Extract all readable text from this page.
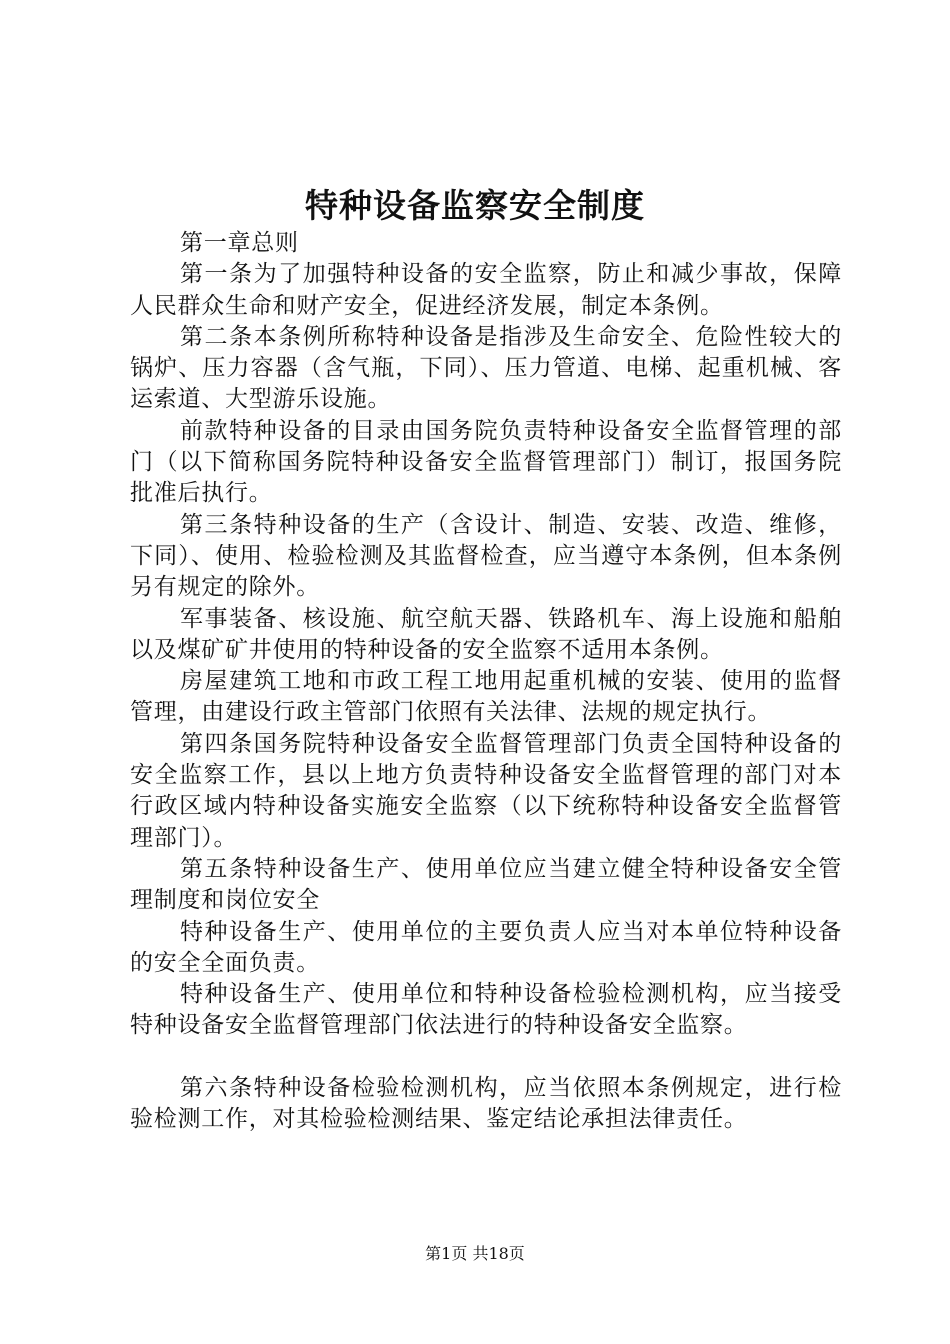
特种设备监察安全制度

第一章总则

第一条为了加强特种设备的安全监察，防止和减少事故，保障人民群众生命和财产安全，促进经济发展，制定本条例。

第二条本条例所称特种设备是指涉及生命安全、危险性较大的锅炉、压力容器（含气瓶，下同）、压力管道、电梯、起重机械、客运索道、大型游乐设施。

前款特种设备的目录由国务院负责特种设备安全监督管理的部门（以下简称国务院特种设备安全监督管理部门）制订，报国务院批准后执行。

第三条特种设备的生产（含设计、制造、安装、改造、维修，下同）、使用、检验检测及其监督检查，应当遵守本条例，但本条例另有规定的除外。

军事装备、核设施、航空航天器、铁路机车、海上设施和船舶以及煤矿矿井使用的特种设备的安全监察不适用本条例。

房屋建筑工地和市政工程工地用起重机械的安装、使用的监督管理，由建设行政主管部门依照有关法律、法规的规定执行。

第四条国务院特种设备安全监督管理部门负责全国特种设备的安全监察工作，县以上地方负责特种设备安全监督管理的部门对本行政区域内特种设备实施安全监察（以下统称特种设备安全监督管理部门）。

第五条特种设备生产、使用单位应当建立健全特种设备安全管理制度和岗位安全

特种设备生产、使用单位的主要负责人应当对本单位特种设备的安全全面负责。

特种设备生产、使用单位和特种设备检验检测机构，应当接受特种设备安全监督管理部门依法进行的特种设备安全监察。

第六条特种设备检验检测机构，应当依照本条例规定，进行检验检测工作，对其检验检测结果、鉴定结论承担法律责任。

第1页 共18页
